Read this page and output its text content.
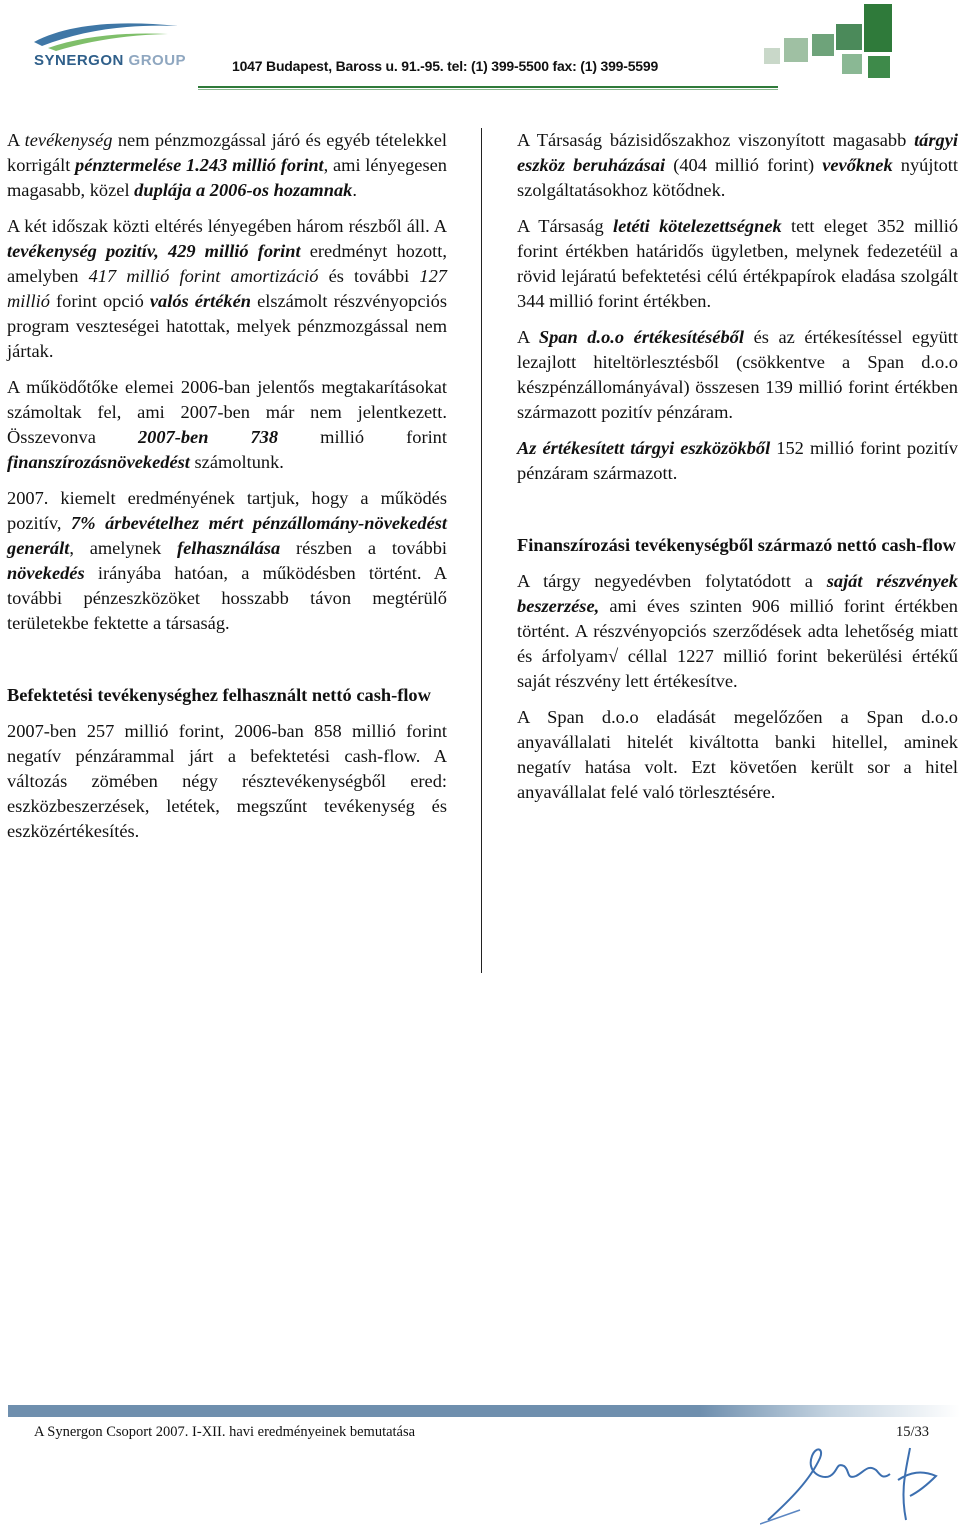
SYNERGON GROUP	1047 Budapest, Baross u. 91.-95. tel: (1) 399-5500 fax: (1) 399-5599

A tevékenység nem pénzmozgással járó és egyéb tételekkel korrigált pénztermelése 1.243 millió forint, ami lényegesen magasabb, közel duplája a 2006-os hozamnak.

A két időszak közti eltérés lényegében három részből áll. A tevékenység pozitív, 429 millió forint eredményt hozott, amelyben 417 millió forint amortizáció és további 127 millió forint opció valós értékén elszámolt részvényopciós program veszteségei hatottak, melyek pénzmozgással nem jártak.

A működőtőke elemei 2006-ban jelentős megtakarításokat számoltak fel, ami 2007-ben már nem jelentkezett. Összevonva 2007-ben 738 millió forint finanszírozásnövekedést számoltunk.

2007. kiemelt eredményének tartjuk, hogy a működés pozitív, 7% árbevételhez mért pénzállomány-növekedést generált, amelynek felhasználása részben a további növekedés irányába hatóan, a működésben történt. A további pénzeszközöket hosszabb távon megtérülő területekbe fektette a társaság.

Befektetési tevékenységhez felhasznált nettó cash-flow

2007-ben 257 millió forint, 2006-ban 858 millió forint negatív pénzárammal járt a befektetési cash-flow. A változás zömében négy résztevékenységből ered: eszközbeszerzések, letétek, megszűnt tevékenység és eszközértékesítés.

A Társaság bázisidőszakhoz viszonyított magasabb tárgyi eszköz beruházásai (404 millió forint) vevőknek nyújtott szolgáltatásokhoz kötődnek.

A Társaság letéti kötelezettségnek tett eleget 352 millió forint értékben határidős ügyletben, melynek fedezetéül a rövid lejáratú befektetési célú értékpapírok eladása szolgált 344 millió forint értékben.

A Span d.o.o értékesítéséből és az értékesítéssel együtt lezajlott hiteltörlesztésből (csökkentve a Span d.o.o készpénzállományával) összesen 139 millió forint értékben származott pozitív pénzáram.

Az értékesített tárgyi eszközökből 152 millió forint pozitív pénzáram származott.

Finanszírozási tevékenységből származó nettó cash-flow

A tárgy negyedévben folytatódott a saját részvények beszerzése, ami éves szinten 906 millió forint értékben történt. A részvényopciós szerződések adta lehetőség miatt és árfolyam√ céllal 1227 millió forint bekerülési értékű saját részvény lett értékesítve.

A Span d.o.o eladását megelőzően a Span d.o.o anyavállalati hitelét kiváltotta banki hitellel, aminek negatív hatása volt. Ezt követően került sor a hitel anyavállalat felé való törlesztésére.

A Synergon Csoport 2007. I-XII. havi eredményeinek bemutatása	15/33
